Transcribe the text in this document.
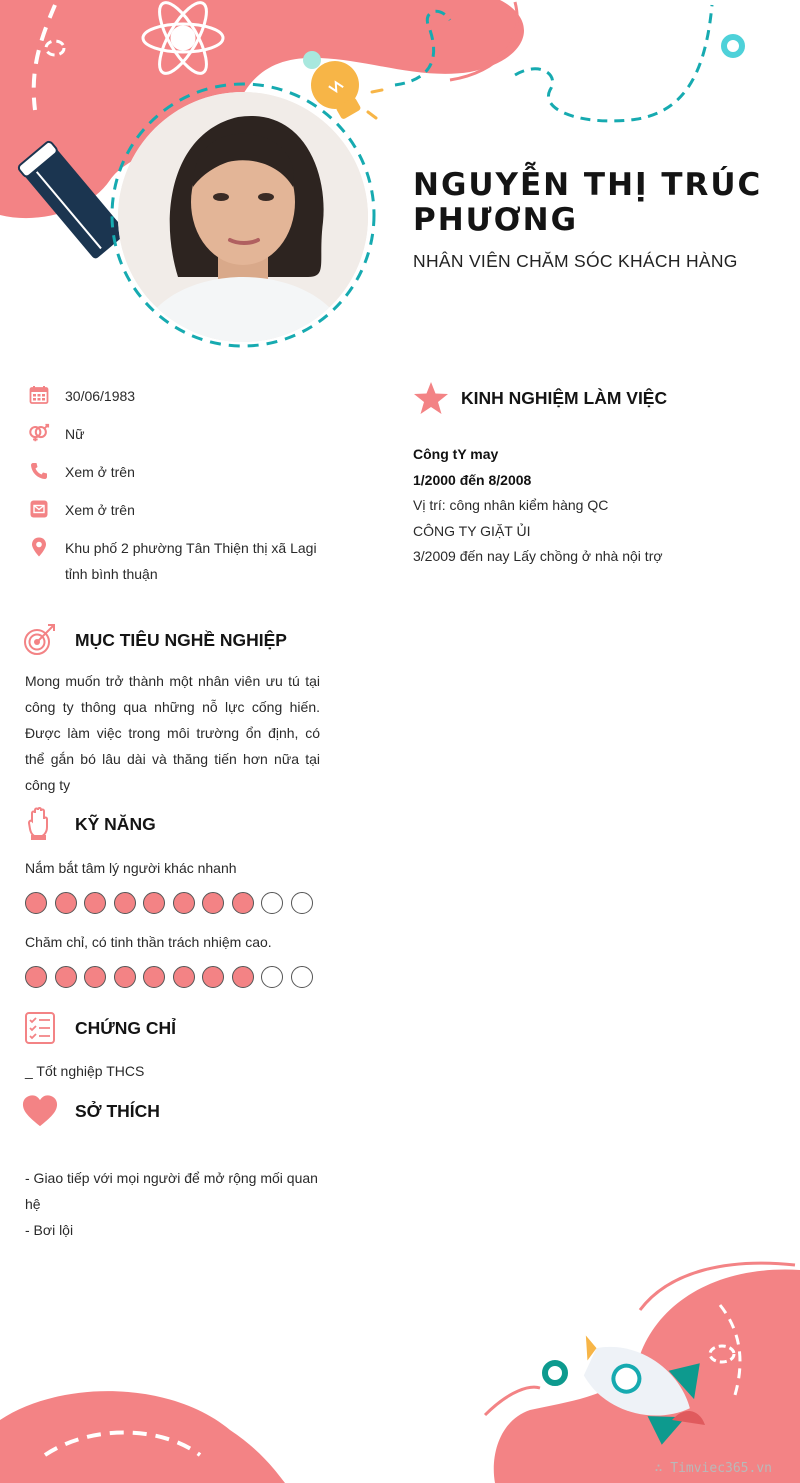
NGUYỄN THỊ TRÚC PHƯƠNG
NHÂN VIÊN CHĂM SÓC KHÁCH HÀNG
30/06/1983
Nữ
Xem ở trên
Xem ở trên
Khu phố 2 phường Tân Thiện thị xã Lagi tỉnh bình thuận
MỤC TIÊU NGHỀ NGHIỆP
Mong muốn trở thành một nhân viên ưu tú tại công ty thông qua những nỗ lực cống hiến. Được làm việc trong môi trường ổn định, có thể gắn bó lâu dài và thăng tiến hơn nữa tại công ty
KỸ NĂNG
Nắm bắt tâm lý người khác nhanh
Chăm chỉ, có tinh thần trách nhiệm cao.
CHỨNG CHỈ
_ Tốt nghiệp THCS
SỞ THÍCH
- Giao tiếp với mọi người để mở rộng mối quan hệ
- Bơi lội
KINH NGHIỆM LÀM VIỆC
Công tY may
1/2000 đến 8/2008
Vị trí: công nhân kiểm hàng QC
CÔNG TY GIẶT ỦI
3/2009 đến nay Lấy chồng ở nhà nội trợ
∴ Timviec365.vn
